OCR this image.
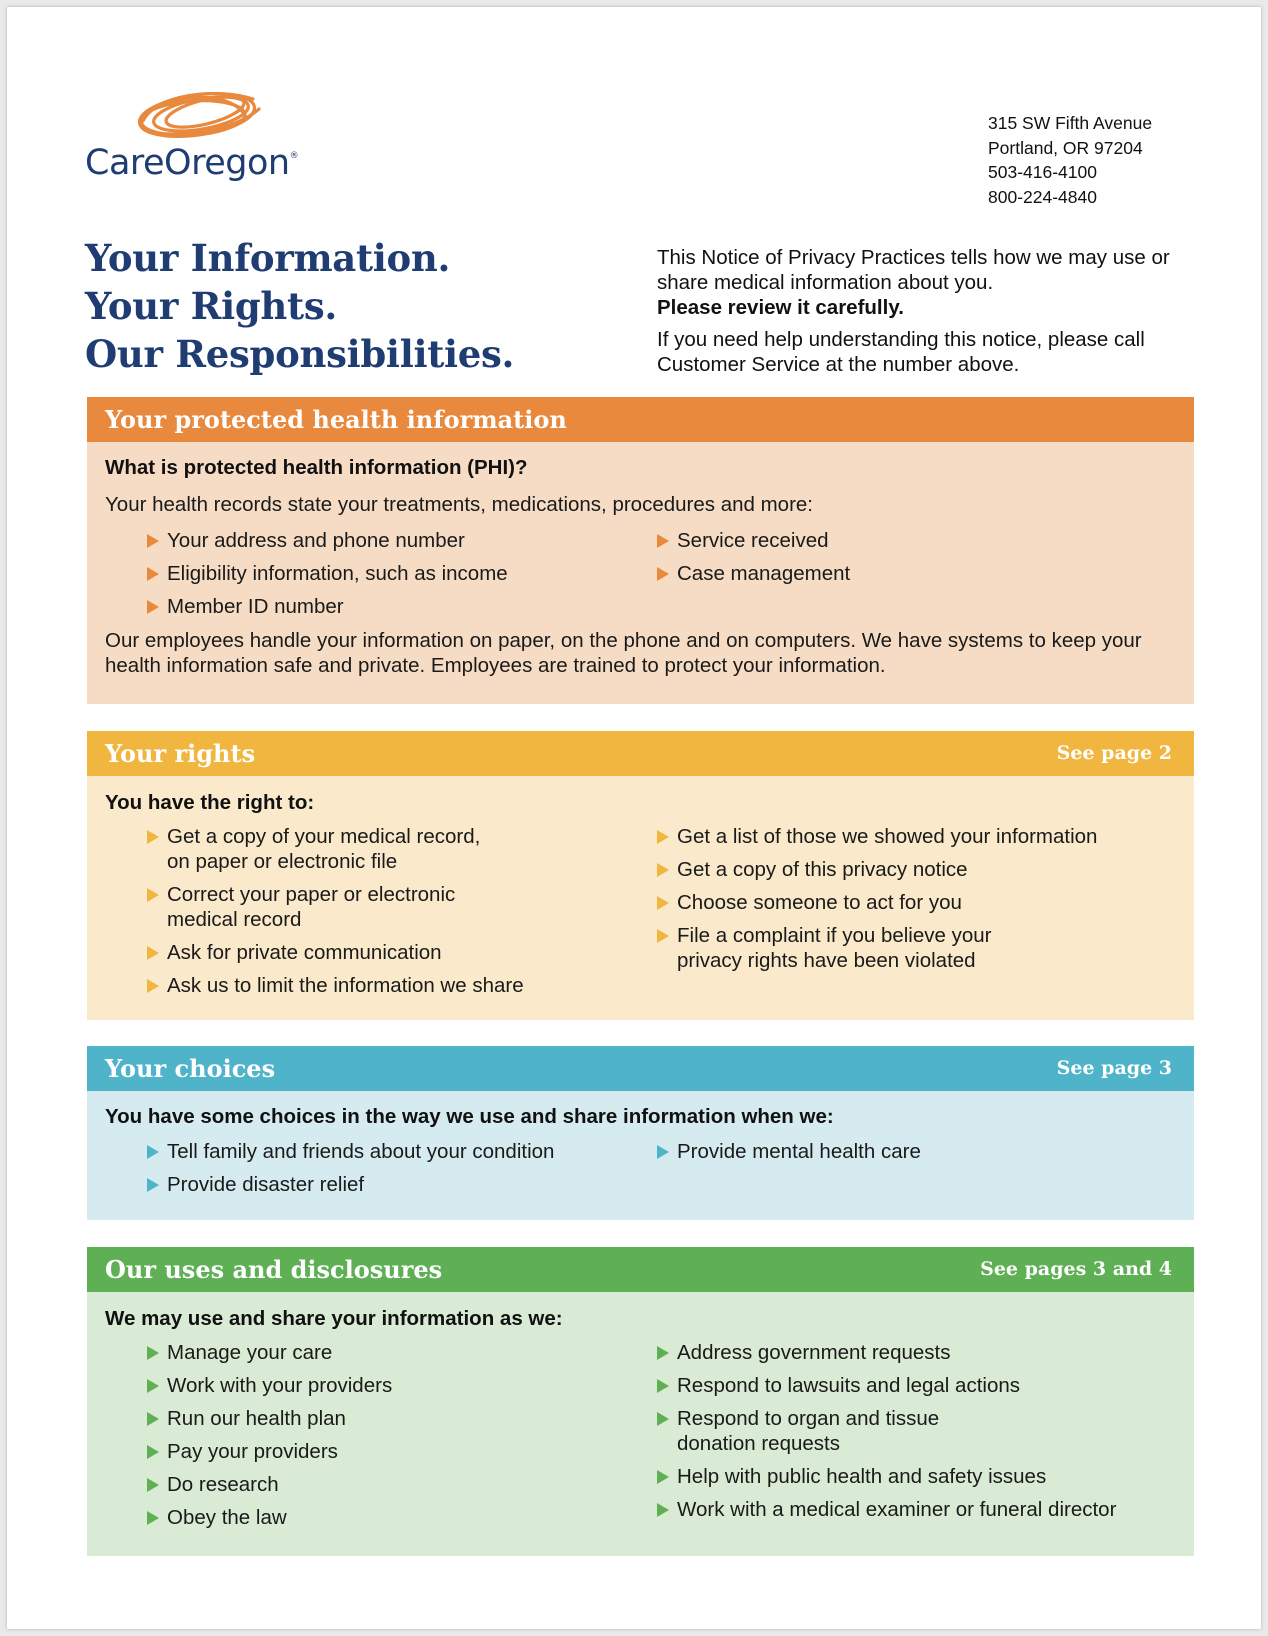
CareOregon®
315 SW Fifth Avenue
Portland, OR 97204
503-416-4100
800-224-4840
Your Information.
Your Rights.
Our Responsibilities.

This Notice of Privacy Practices tells how we may use or share medical information about you.
Please review it carefully.

If you need help understanding this notice, please call Customer Service at the number above.

Your protected health information
What is protected health information (PHI)?
Your health records state your treatments, medications, procedures and more:
Your address and phone number
Eligibility information, such as income
Member ID number
Service received
Case management
Our employees handle your information on paper, on the phone and on computers. We have systems to keep your health information safe and private. Employees are trained to protect your information.
Your rights	See page 2
You have the right to:
Get a copy of your medical record,
on paper or electronic file
Correct your paper or electronic
medical record
Ask for private communication
Ask us to limit the information we share
Get a list of those we showed your information
Get a copy of this privacy notice
Choose someone to act for you
File a complaint if you believe your
privacy rights have been violated
Your choices	See page 3
You have some choices in the way we use and share information when we:
Tell family and friends about your condition
Provide disaster relief
Provide mental health care
Our uses and disclosures	See pages 3 and 4
We may use and share your information as we:
Manage your care
Work with your providers
Run our health plan
Pay your providers
Do research
Obey the law
Address government requests
Respond to lawsuits and legal actions
Respond to organ and tissue
donation requests
Help with public health and safety issues
Work with a medical examiner or funeral director
